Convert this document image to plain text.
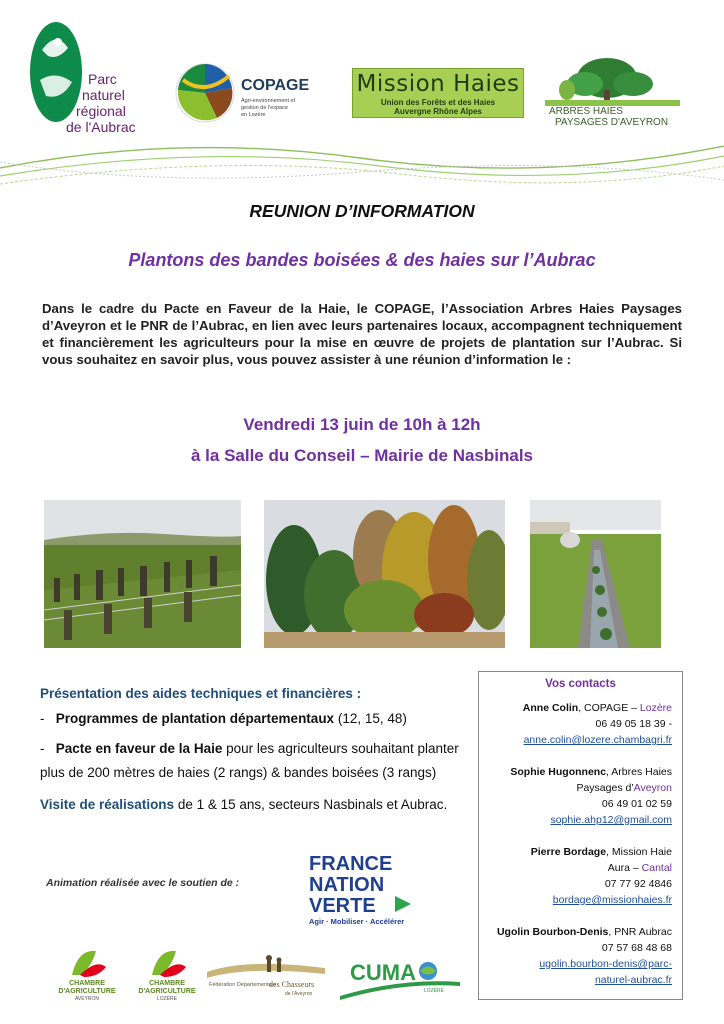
Parc
naturel
régional
de l'Aubrac
COPAGE
Agri-environnement et
gestion de l'espace
en Lozère
Mission Haies
Union des Forêts et des Haies
Auvergne Rhône Alpes	ARBRES HAIES
PAYSAGES D'AVEYRON
REUNION D’INFORMATION
Plantons des bandes boisées & des haies sur l’Aubrac
Dans le cadre du Pacte en Faveur de la Haie, le COPAGE, l’Association Arbres Haies Paysages d’Aveyron et le PNR de l’Aubrac, en lien avec leurs partenaires locaux, accompagnent techniquement et financièrement les agriculteurs pour la mise en œuvre de projets de plantation sur l’Aubrac. Si vous souhaitez en savoir plus, vous pouvez assister à une réunion d’information le :
Vendredi 13 juin de 10h à 12h
à la Salle du Conseil – Mairie de Nasbinals
Présentation des aides techniques et financières :
-   Programmes de plantation départementaux (12, 15, 48)
-   Pacte en faveur de la Haie pour les agriculteurs souhaitant planter plus de 200 mètres de haies (2 rangs) & bandes boisées (3 rangs)
Visite de réalisations de 1 & 15 ans, secteurs Nasbinals et Aubrac.
Vos contacts
Anne Colin, COPAGE – Lozère
06 49 05 18 39 -
anne.colin@lozere.chambagri.fr
Sophie Hugonnenc, Arbres Haies
Paysages d’Aveyron
06 49 01 02 59
sophie.ahp12@gmail.com
Pierre Bordage, Mission Haie
Aura – Cantal
07 77 92 4846
bordage@missionhaies.fr
Ugolin Bourbon-Denis, PNR Aubrac
07 57 68 48 68
ugolin.bourbon-denis@parc-
naturel-aubrac.fr
Animation réalisée avec le soutien de :
FRANCE
NATION
VERTE
Agir · Mobiliser · Accélérer
CHAMBRE
D'AGRICULTURE
AVEYRON
CHAMBRE
D'AGRICULTURE
LOZÈRE
Fédération Départementale
des Chasseurs
de l'Aveyron
CUMA
LOZÈRE
